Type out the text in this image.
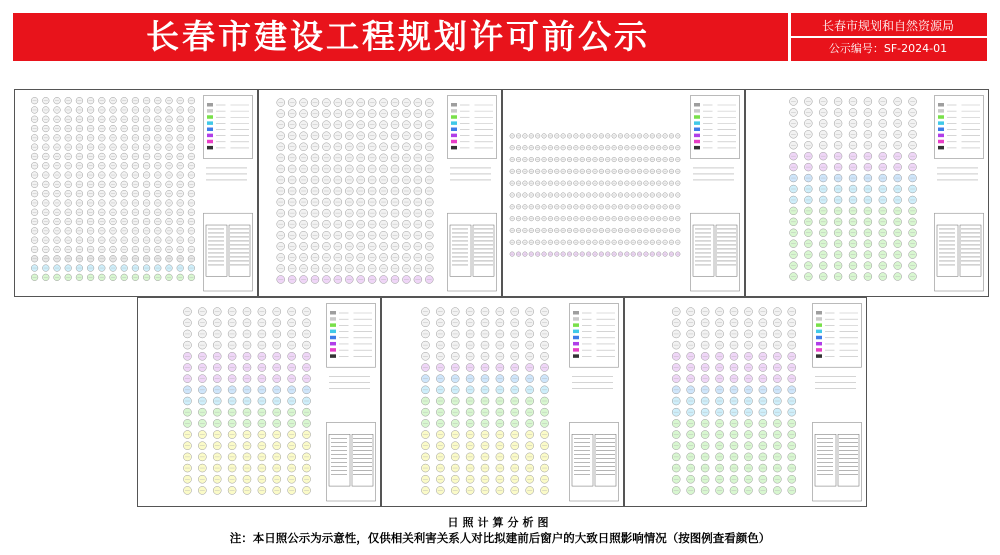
长春市建设工程规划许可前公示	长春市规划和自然资源局
公示编号：SF-2024-01
日照计算分析图
注：本日照公示为示意性，仅供相关利害关系人对比拟建前后窗户的大致日照影响情况（按图例查看颜色）
